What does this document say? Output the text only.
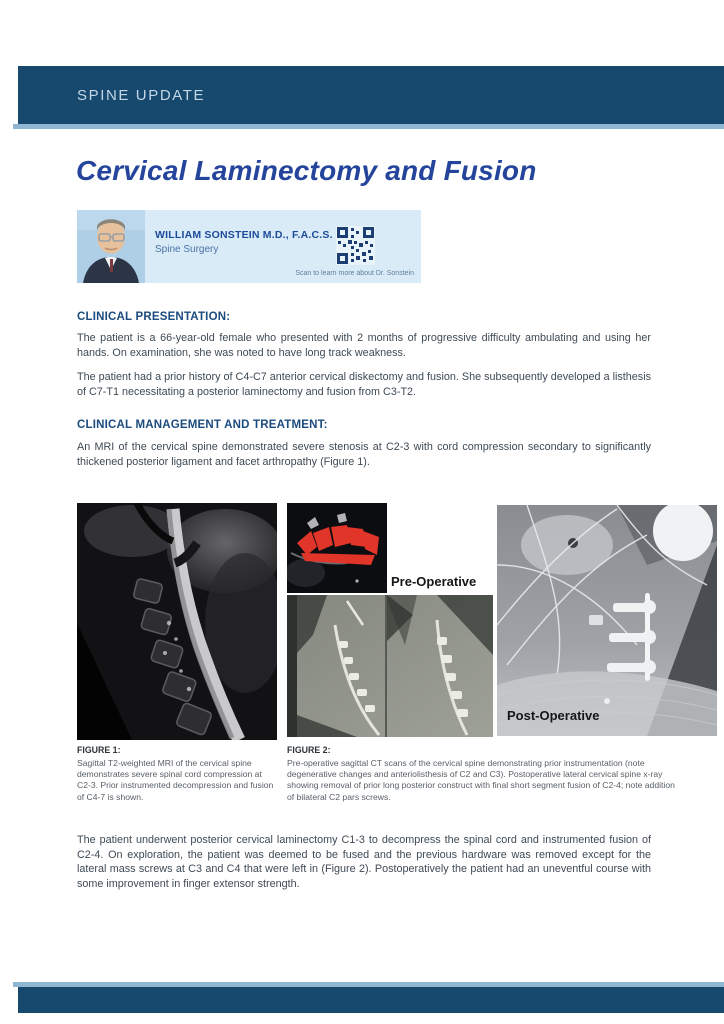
SPINE UPDATE
Cervical Laminectomy and Fusion
WILLIAM SONSTEIN M.D., F.A.C.S.
Spine Surgery
Scan to learn more about Dr. Sonstein
CLINICAL PRESENTATION:

The patient is a 66-year-old female who presented with 2 months of progressive difficulty ambulating and using her hands. On examination, she was noted to have long track weakness.

The patient had a prior history of C4-C7 anterior cervical diskectomy and fusion. She subsequently developed a listhesis of C7-T1 necessitating a posterior laminectomy and fusion from C3-T2.

CLINICAL MANAGEMENT AND TREATMENT:

An MRI of the cervical spine demonstrated severe stenosis at C2-3 with cord compression secondary to significantly thickened posterior ligament and facet arthropathy (Figure 1).

Pre-Operative
Post-Operative
FIGURE 1:
Sagittal T2-weighted MRI of the cervical spine demonstrates severe spinal cord compression at C2-3. Prior instrumented decompression and fusion of C4-7 is shown.
FIGURE 2:
Pre-operative sagittal CT scans of the cervical spine demonstrating prior instrumentation (note degenerative changes and anteriolisthesis of C2 and C3). Postoperative lateral cervical spine x-ray showing removal of prior long posterior construct with final short segment fusion of C2-4; note addition of bilateral C2 pars screws.

The patient underwent posterior cervical laminectomy C1-3 to decompress the spinal cord and instrumented fusion of C2-4. On exploration, the patient was deemed to be fused and the previous hardware was removed except for the lateral mass screws at C3 and C4 that were left in (Figure 2). Postoperatively the patient had an uneventful course with some improvement in finger extensor strength.
